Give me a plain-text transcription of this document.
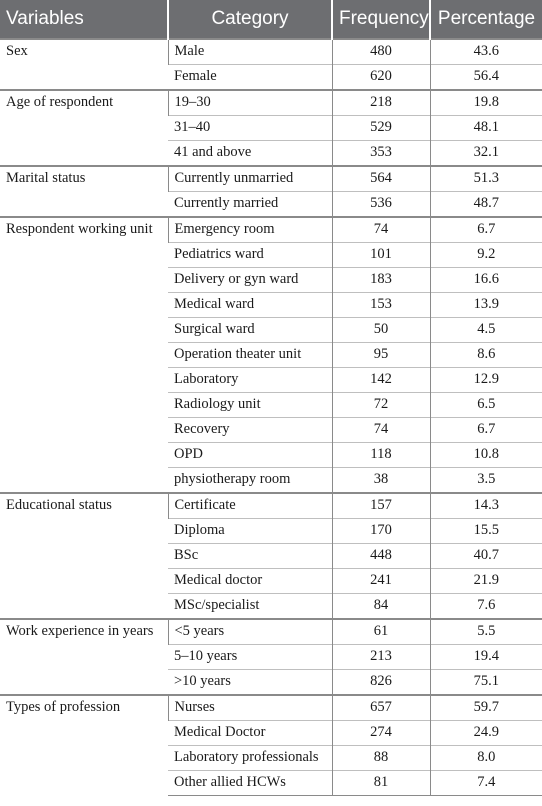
Variables	Category	Frequency	Percentage
Sex	Male	480	43.6
	Female	620	56.4
Age of respondent	19–30	218	19.8
	31–40	529	48.1
	41 and above	353	32.1
Marital status	Currently unmarried	564	51.3
	Currently married	536	48.7
Respondent working unit	Emergency room	74	6.7
	Pediatrics ward	101	9.2
	Delivery or gyn ward	183	16.6
	Medical ward	153	13.9
	Surgical ward	50	4.5
	Operation theater unit	95	8.6
	Laboratory	142	12.9
	Radiology unit	72	6.5
	Recovery	74	6.7
	OPD	118	10.8
	physiotherapy room	38	3.5
Educational status	Certificate	157	14.3
	Diploma	170	15.5
	BSc	448	40.7
	Medical doctor	241	21.9
	MSc/specialist	84	7.6
Work experience in years	<5 years	61	5.5
	5–10 years	213	19.4
	>10 years	826	75.1
Types of profession	Nurses	657	59.7
	Medical Doctor	274	24.9
	Laboratory professionals	88	8.0
	Other allied HCWs	81	7.4
